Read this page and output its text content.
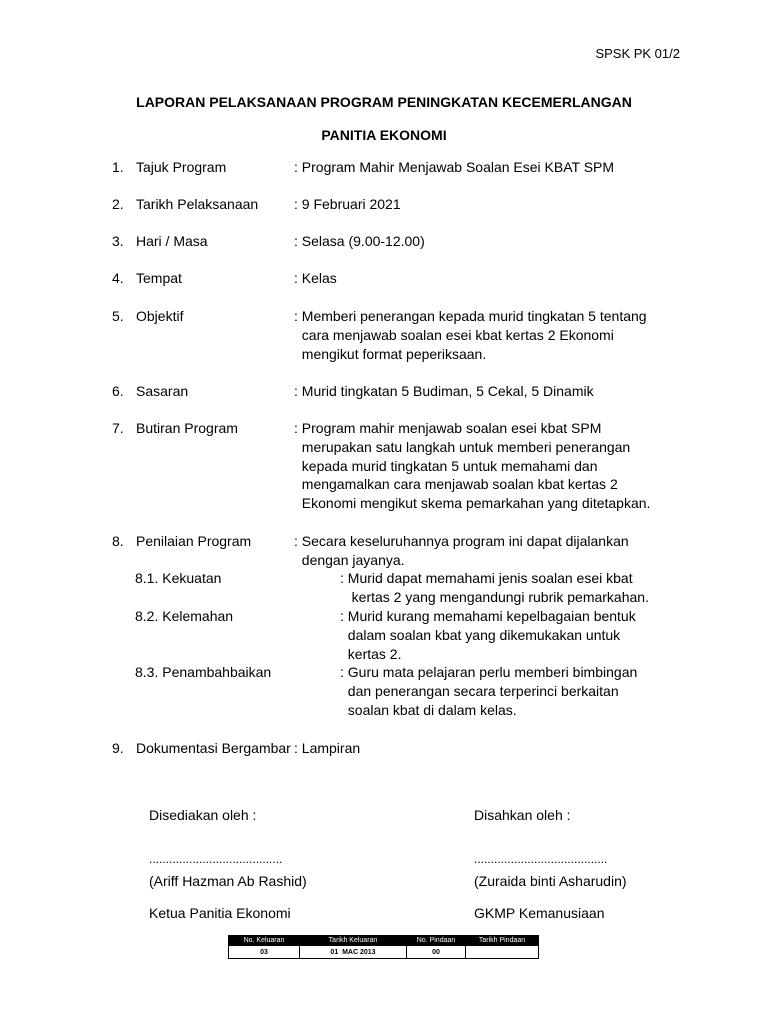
SPSK PK 01/2
LAPORAN PELAKSANAAN PROGRAM PENINGKATAN KECEMERLANGAN
PANITIA EKONOMI
1. Tajuk Program	: Program Mahir Menjawab Soalan Esei KBAT SPM
2. Tarikh Pelaksanaan	: 9 Februari 2021
3. Hari / Masa	: Selasa (9.00-12.00)
4. Tempat	: Kelas
5. Objektif	: Memberi penerangan kepada murid tingkatan 5 tentang
cara menjawab soalan esei kbat kertas 2 Ekonomi
mengikut format peperiksaan.
6. Sasaran	: Murid tingkatan 5 Budiman, 5 Cekal, 5 Dinamik
7. Butiran Program	: Program mahir menjawab soalan esei kbat SPM
merupakan satu langkah untuk memberi penerangan
kepada murid tingkatan 5 untuk memahami dan
mengamalkan cara menjawab soalan kbat kertas 2
Ekonomi mengikut skema pemarkahan yang ditetapkan.
8. Penilaian Program	: Secara keseluruhannya program ini dapat dijalankan
dengan jayanya.
8.1. Kekuatan	: Murid dapat memahami jenis soalan esei kbat
kertas 2 yang mengandungi rubrik pemarkahan.
8.2. Kelemahan	: Murid kurang memahami kepelbagaian bentuk
dalam soalan kbat yang dikemukakan untuk
kertas 2.
8.3. Penambahbaikan	: Guru mata pelajaran perlu memberi bimbingan
dan penerangan secara terperinci berkaitan
soalan kbat di dalam kelas.
9. Dokumentasi Bergambar : Lampiran
Disediakan oleh :	Disahkan oleh :
........................................	........................................
(Ariff Hazman Ab Rashid)	(Zuraida binti Asharudin)
Ketua Panitia Ekonomi	GKMP Kemanusiaan
No. Keluaran	Tarikh Keluaran	No. Pindaan	Tarikh Pindaan
03	01  MAC 2013	00	
